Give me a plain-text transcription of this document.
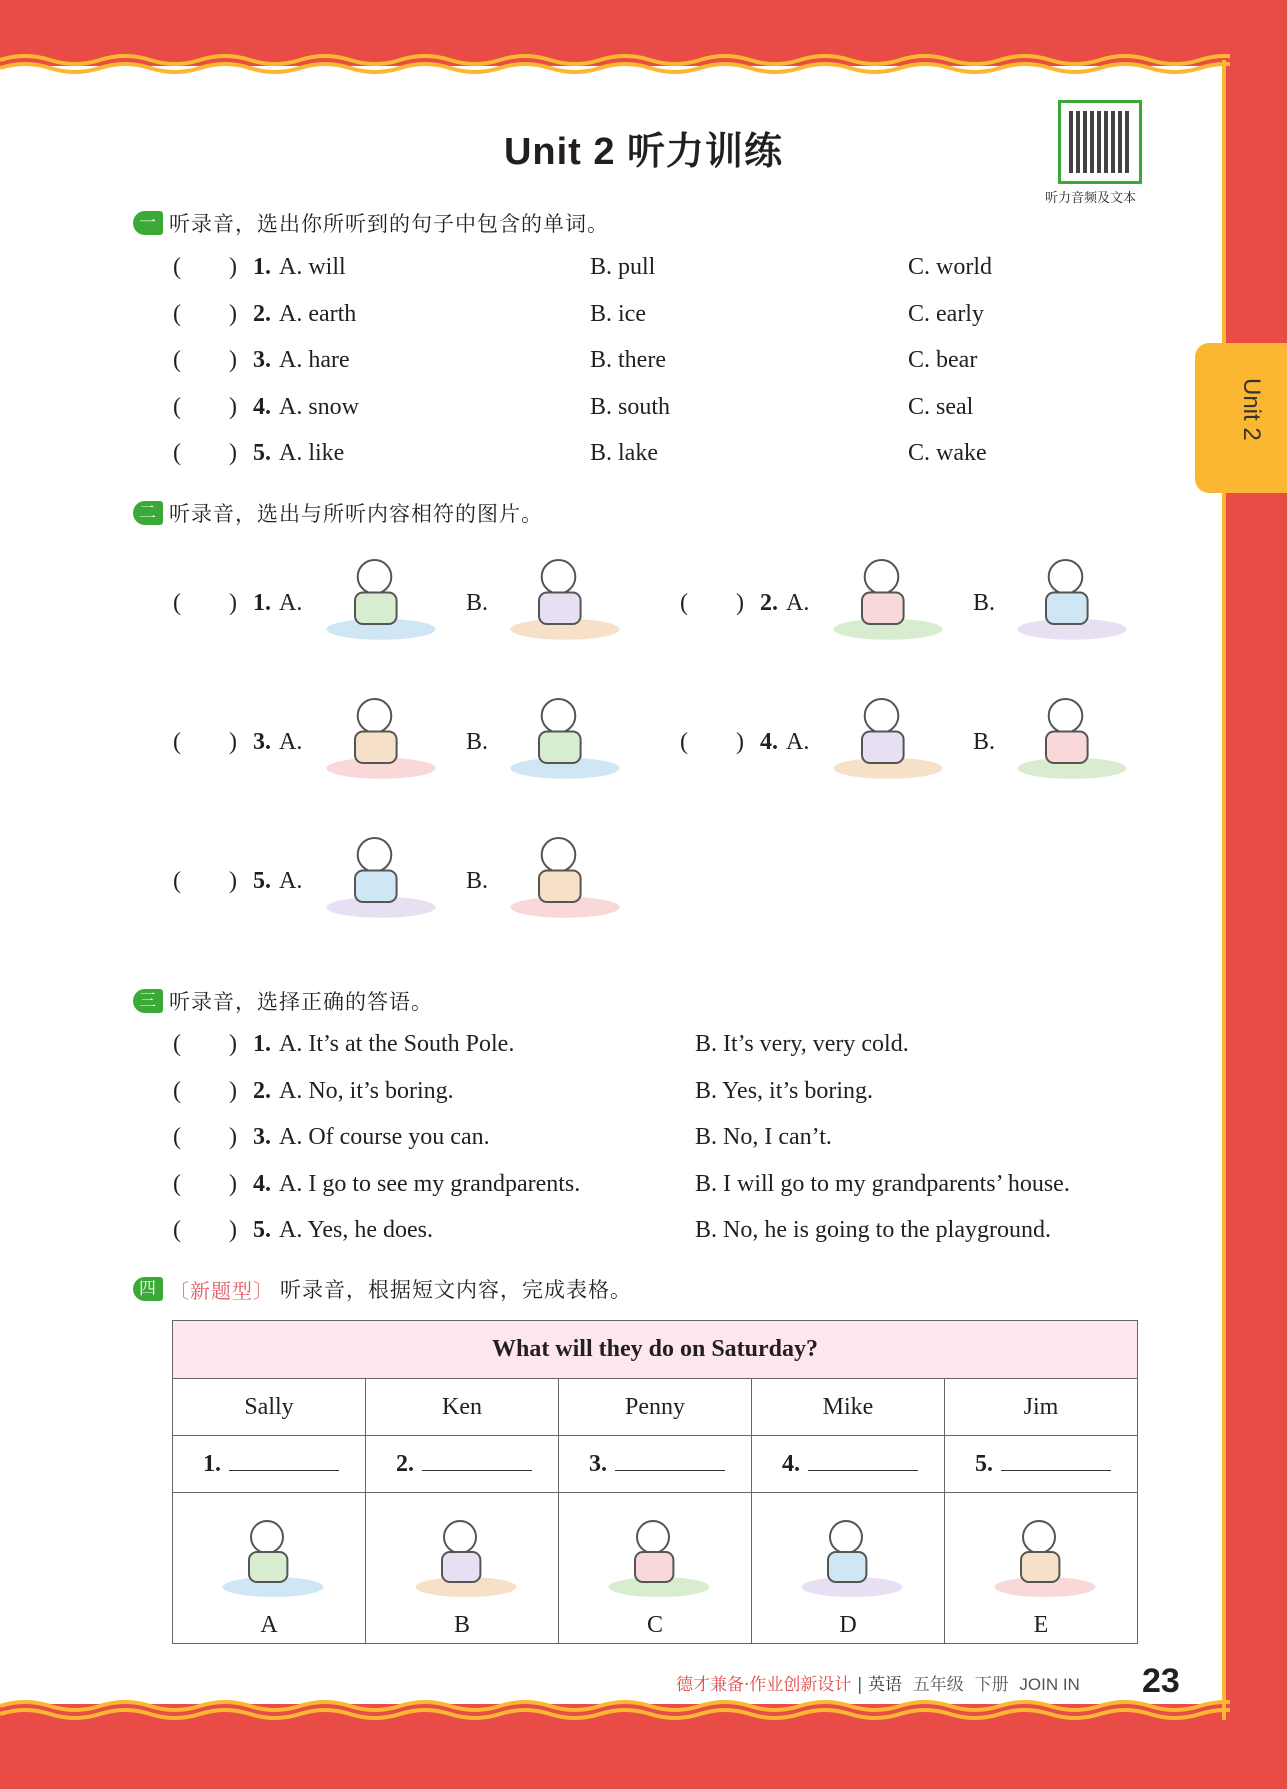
Unit 2 听力训练
听力音频及文本
Unit 2
一 听录音，选出你所听到的句子中包含的单词。
(        ) 1. A. will	B. pull	C. world
(        ) 2. A. earth	B. ice	C. early
(        ) 3. A. hare	B. there	C. bear
(        ) 4. A. snow	B. south	C. seal
(        ) 5. A. like	B. lake	C. wake
二 听录音，选出与所听内容相符的图片。
(        ) 1. A.	B.	(        ) 2. A.	B.
(        ) 3. A.	B.	(        ) 4. A.	B.
(        ) 5. A.	B.
三 听录音，选择正确的答语。
(        ) 1. A. It’s at the South Pole.	B. It’s very, very cold.
(        ) 2. A. No, it’s boring.	B. Yes, it’s boring.
(        ) 3. A. Of course you can.	B. No, I can’t.
(        ) 4. A. I go to see my grandparents.	B. I will go to my grandparents’ house.
(        ) 5. A. Yes, he does.	B. No, he is going to the playground.
四 〔新题型〕 听录音，根据短文内容，完成表格。
What will they do on Saturday?				
Sally	Ken	Penny	Mike	Jim
1.	2.	3.	4.	5.

A	B	C	D	E
德才兼备·作业创新设计 | 英语 五年级 下册 JOIN IN 23
